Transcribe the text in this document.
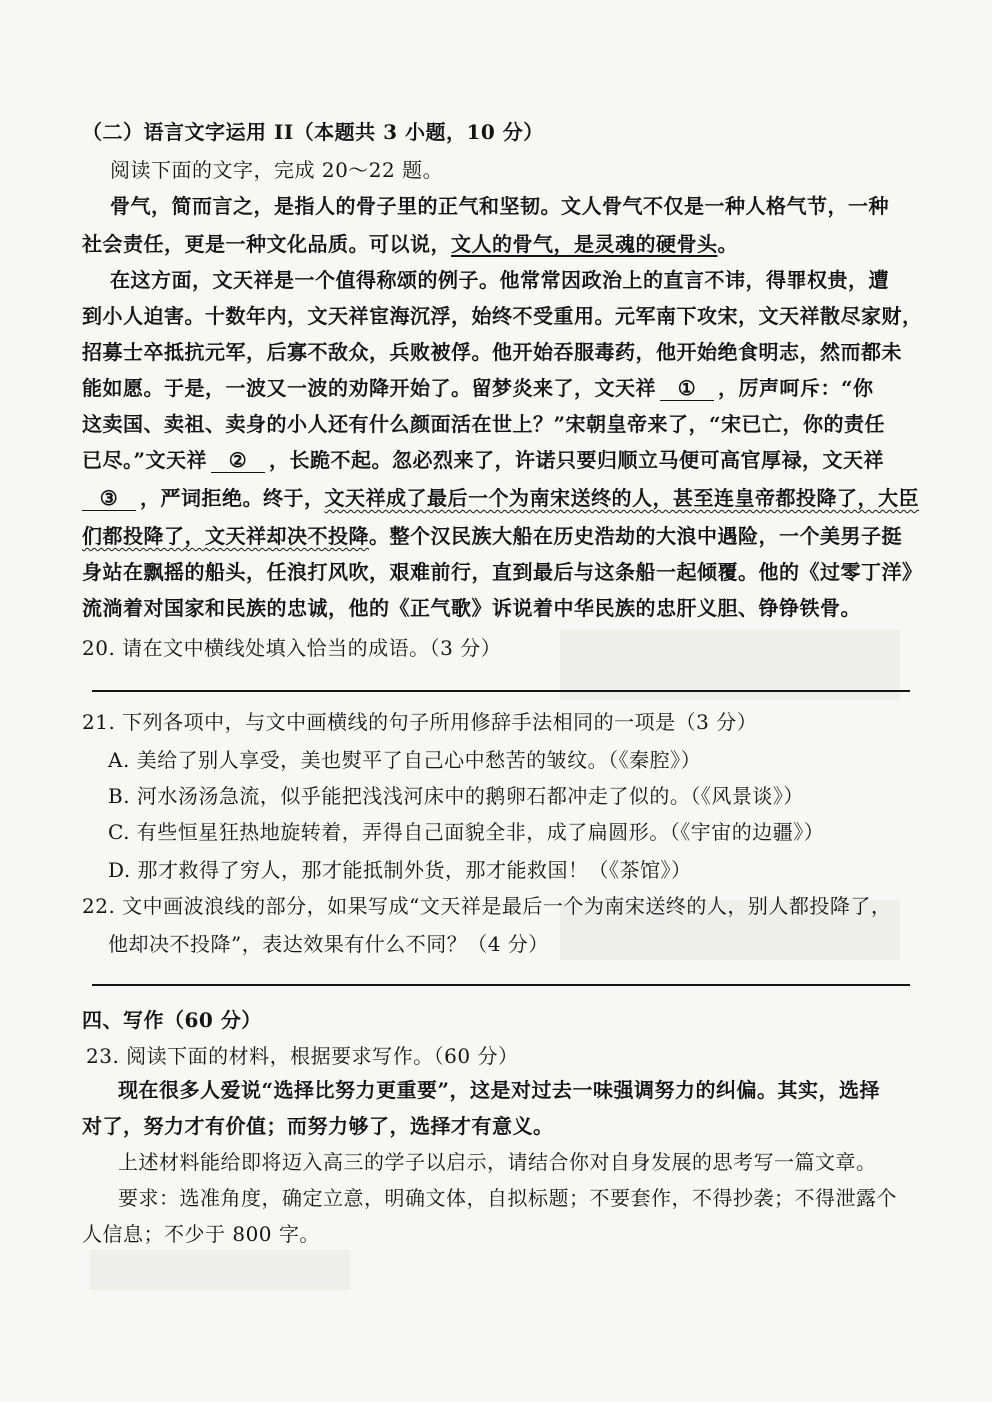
（二）语言文字运用 II（本题共 3 小题，10 分）
阅读下面的文字，完成 20～22 题。
骨气，简而言之，是指人的骨子里的正气和坚韧。文人骨气不仅是一种人格气节，一种
社会责任，更是一种文化品质。可以说，文人的骨气，是灵魂的硬骨头。
在这方面，文天祥是一个值得称颂的例子。他常常因政治上的直言不讳，得罪权贵，遭
到小人迫害。十数年内，文天祥宦海沉浮，始终不受重用。元军南下攻宋，文天祥散尽家财，
招募士卒抵抗元军，后寡不敌众，兵败被俘。他开始吞服毒药，他开始绝食明志，然而都未
能如愿。于是，一波又一波的劝降开始了。留梦炎来了，文天祥 ① ，厉声呵斥：“你
这卖国、卖祖、卖身的小人还有什么颜面活在世上？”宋朝皇帝来了，“宋已亡，你的责任
已尽。”文天祥 ② ，长跪不起。忽必烈来了，许诺只要归顺立马便可高官厚禄，文天祥
③ ，严词拒绝。终于，文天祥成了最后一个为南宋送终的人，甚至连皇帝都投降了，大臣
们都投降了，文天祥却决不投降。整个汉民族大船在历史浩劫的大浪中遇险，一个美男子挺
身站在飘摇的船头，任浪打风吹，艰难前行，直到最后与这条船一起倾覆。他的《过零丁洋》
流淌着对国家和民族的忠诚，他的《正气歌》诉说着中华民族的忠肝义胆、铮铮铁骨。
20. 请在文中横线处填入恰当的成语。（3 分）
21. 下列各项中，与文中画横线的句子所用修辞手法相同的一项是（3 分）
A. 美给了别人享受，美也熨平了自己心中愁苦的皱纹。（《秦腔》）
B. 河水汤汤急流，似乎能把浅浅河床中的鹅卵石都冲走了似的。（《风景谈》）
C. 有些恒星狂热地旋转着，弄得自己面貌全非，成了扁圆形。（《宇宙的边疆》）
D. 那才救得了穷人，那才能抵制外货，那才能救国！（《茶馆》）
22. 文中画波浪线的部分，如果写成“文天祥是最后一个为南宋送终的人，别人都投降了，
他却决不投降”，表达效果有什么不同？（4 分）
四、写作（60 分）
23. 阅读下面的材料，根据要求写作。（60 分）
现在很多人爱说“选择比努力更重要”，这是对过去一味强调努力的纠偏。其实，选择
对了，努力才有价值；而努力够了，选择才有意义。
上述材料能给即将迈入高三的学子以启示，请结合你对自身发展的思考写一篇文章。
要求：选准角度，确定立意，明确文体，自拟标题；不要套作，不得抄袭；不得泄露个
人信息；不少于 800 字。
